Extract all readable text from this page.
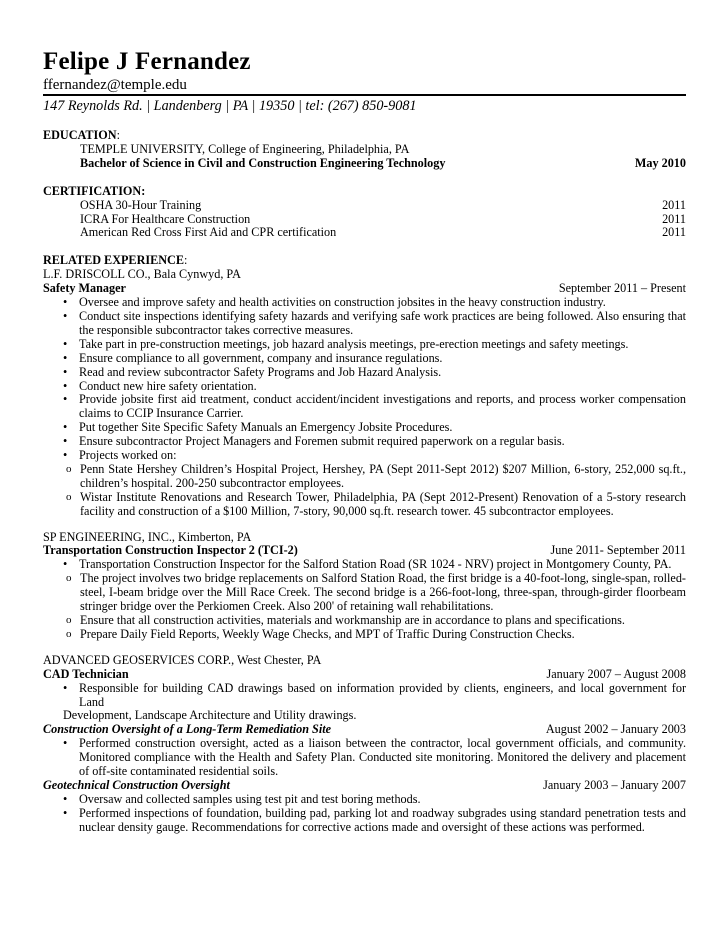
Felipe J Fernandez
ffernandez@temple.edu
147 Reynolds Rd. | Landenberg | PA | 19350 | tel: (267) 850-9081
EDUCATION:
TEMPLE UNIVERSITY, College of Engineering, Philadelphia, PA
Bachelor of Science in Civil and Construction Engineering Technology	May 2010
CERTIFICATION:
OSHA 30-Hour Training	2011
ICRA For Healthcare Construction	2011
American Red Cross First Aid and CPR certification	2011
RELATED EXPERIENCE:
L.F. DRISCOLL CO., Bala Cynwyd, PA
Safety Manager	September 2011 – Present
• Oversee and improve safety and health activities on construction jobsites in the heavy construction industry.
• Conduct site inspections identifying safety hazards and verifying safe work practices are being followed. Also ensuring that the responsible subcontractor takes corrective measures.
• Take part in pre-construction meetings, job hazard analysis meetings, pre-erection meetings and safety meetings.
• Ensure compliance to all government, company and insurance regulations.
• Read and review subcontractor Safety Programs and Job Hazard Analysis.
• Conduct new hire safety orientation.
• Provide jobsite first aid treatment, conduct accident/incident investigations and reports, and process worker compensation claims to CCIP Insurance Carrier.
• Put together Site Specific Safety Manuals an Emergency Jobsite Procedures.
• Ensure subcontractor Project Managers and Foremen submit required paperwork on a regular basis.
• Projects worked on:
o Penn State Hershey Children’s Hospital Project, Hershey, PA (Sept 2011-Sept 2012) $207 Million, 6-story, 252,000 sq.ft., children’s hospital. 200-250 subcontractor employees.
o Wistar Institute Renovations and Research Tower, Philadelphia, PA (Sept 2012-Present) Renovation of a 5-story research facility and construction of a $100 Million, 7-story, 90,000 sq.ft. research tower. 45 subcontractor employees.
SP ENGINEERING, INC., Kimberton, PA
Transportation Construction Inspector 2 (TCI-2)	June 2011- September 2011
• Transportation Construction Inspector for the Salford Station Road (SR 1024 - NRV) project in Montgomery County, PA.
o The project involves two bridge replacements on Salford Station Road, the first bridge is a 40-foot-long, single-span, rolled-steel, I-beam bridge over the Mill Race Creek. The second bridge is a 266-foot-long, three-span, through-girder floorbeam stringer bridge over the Perkiomen Creek. Also 200' of retaining wall rehabilitations.
o Ensure that all construction activities, materials and workmanship are in accordance to plans and specifications.
o Prepare Daily Field Reports, Weekly Wage Checks, and MPT of Traffic During Construction Checks.
ADVANCED GEOSERVICES CORP., West Chester, PA
CAD Technician	January 2007 – August 2008
• Responsible for building CAD drawings based on information provided by clients, engineers, and local government for Land
Development, Landscape Architecture and Utility drawings.
Construction Oversight of a Long-Term Remediation Site	August 2002 – January 2003
• Performed construction oversight, acted as a liaison between the contractor, local government officials, and community. Monitored compliance with the Health and Safety Plan. Conducted site monitoring. Monitored the delivery and placement of off-site contaminated residential soils.
Geotechnical Construction Oversight	January 2003 – January 2007
• Oversaw and collected samples using test pit and test boring methods.
• Performed inspections of foundation, building pad, parking lot and roadway subgrades using standard penetration tests and nuclear density gauge. Recommendations for corrective actions made and oversight of these actions was performed.
